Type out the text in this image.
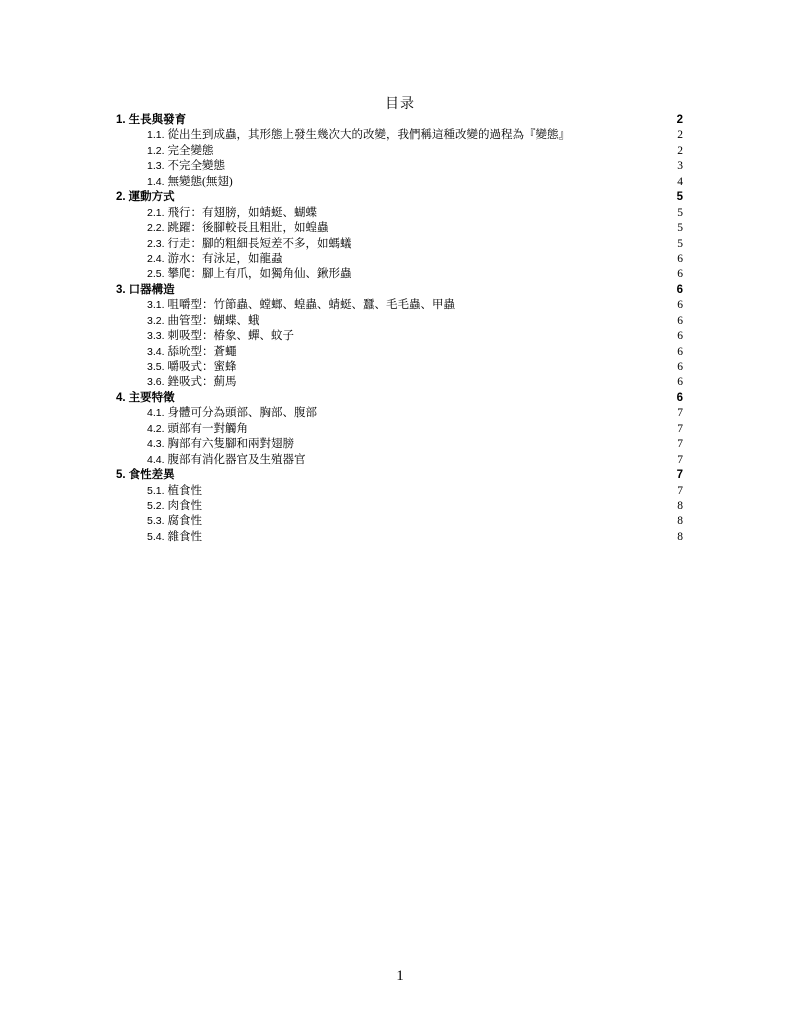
目录
1. 生長與發育	2
1.1. 從出生到成蟲，其形態上發生幾次大的改變，我們稱這種改變的過程為『變態』	2
1.2. 完全變態	2
1.3. 不完全變態	3
1.4. 無變態(無翅)	4
2. 運動方式	5
2.1. 飛行：有翅膀，如蜻蜓、蝴蝶	5
2.2. 跳躍：後腳較長且粗壯，如蝗蟲	5
2.3. 行走：腳的粗細長短差不多，如螞蟻	5
2.4. 游水：有泳足，如龍蝨	6
2.5. 攀爬：腳上有爪，如獨角仙、鍬形蟲	6
3. 口器構造	6
3.1. 咀嚼型：竹節蟲、螳螂、蝗蟲、蜻蜓、蠶、毛毛蟲、甲蟲	6
3.2. 曲管型：蝴蝶、蛾	6
3.3. 刺吸型：椿象、蟬、蚊子	6
3.4. 舔吮型：蒼蠅	6
3.5. 嚼吸式：蜜蜂	6
3.6. 銼吸式：薊馬	6
4. 主要特徵	6
4.1. 身體可分為頭部、胸部、腹部	7
4.2. 頭部有一對觸角	7
4.3. 胸部有六隻腳和兩對翅膀	7
4.4. 腹部有消化器官及生殖器官	7
5. 食性差異	7
5.1. 植食性	7
5.2. 肉食性	8
5.3. 腐食性	8
5.4. 雜食性	8
1
